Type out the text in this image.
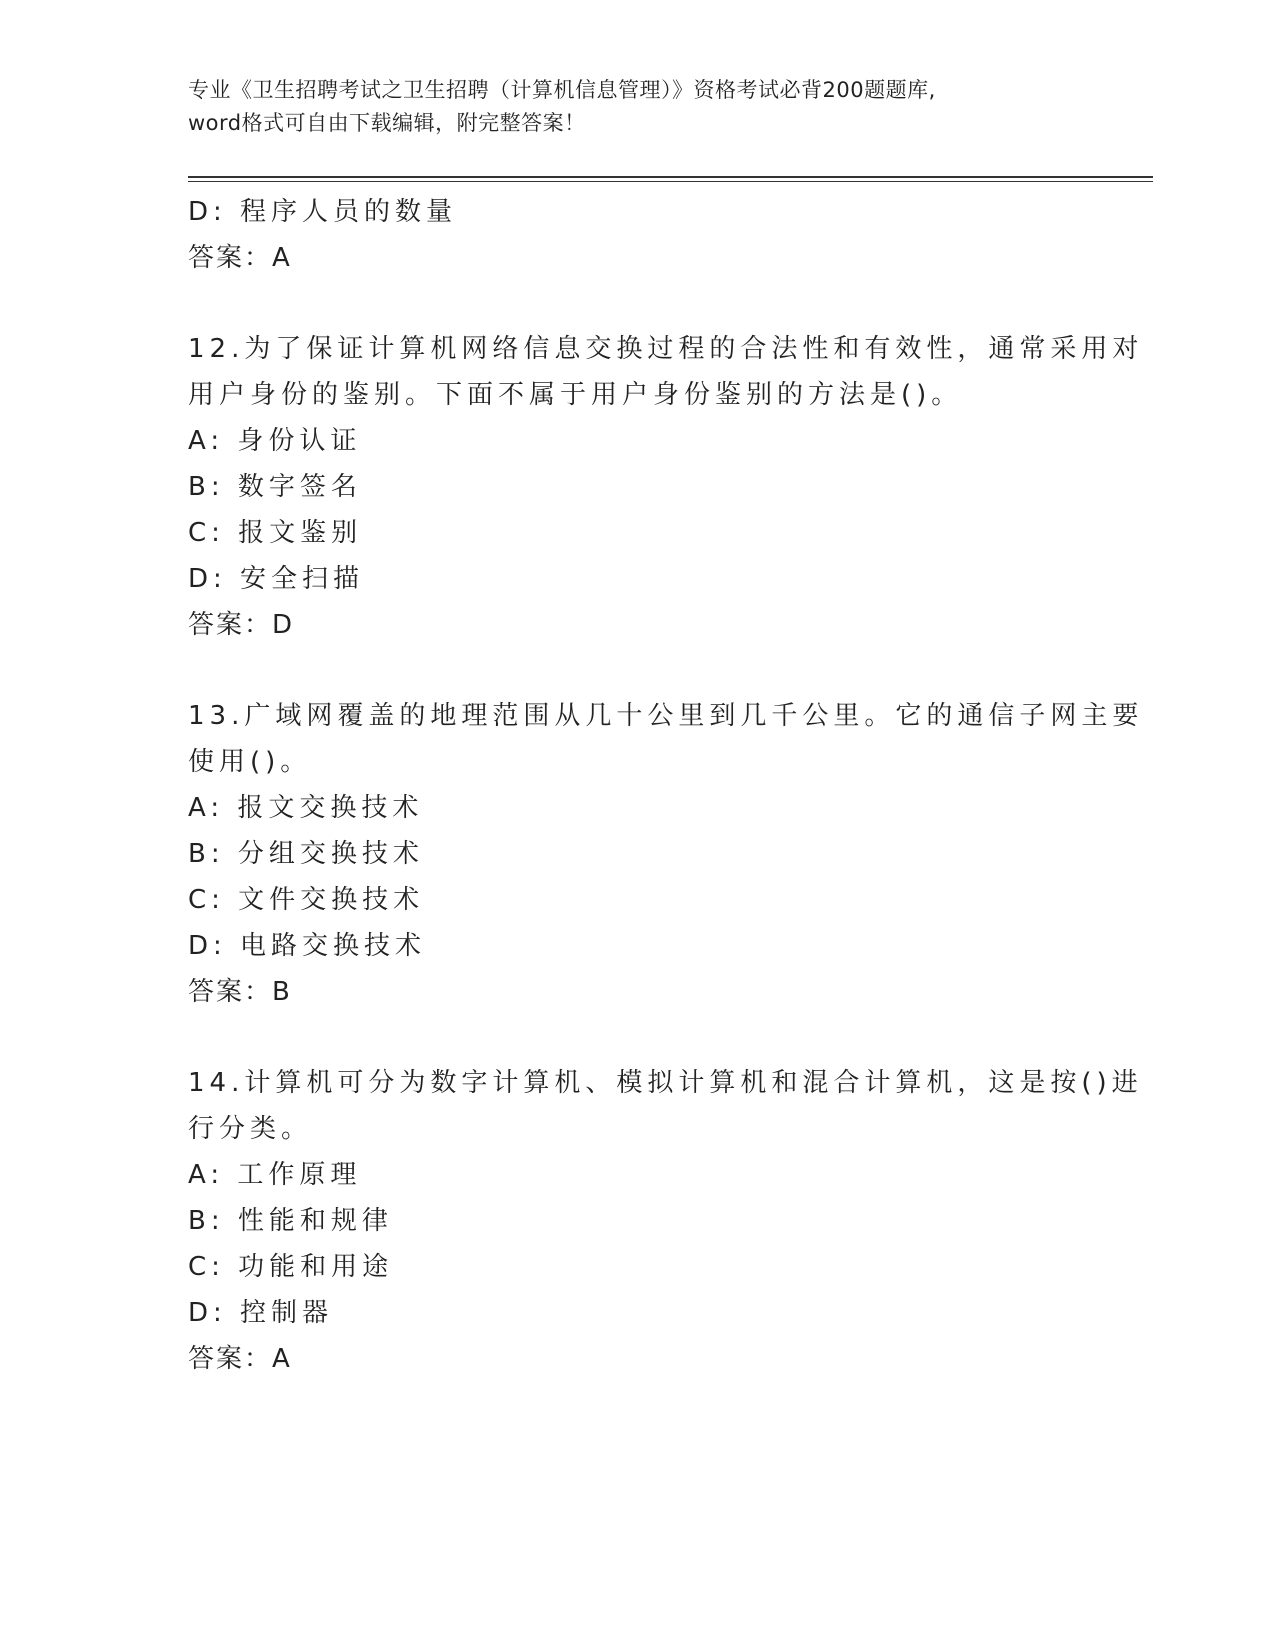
专业《卫生招聘考试之卫生招聘（计算机信息管理）》资格考试必背200题题库,
word格式可自由下载编辑，附完整答案！
D: 程序人员的数量
答案：A
12.为了保证计算机网络信息交换过程的合法性和有效性，通常采用对
用户身份的鉴别。下面不属于用户身份鉴别的方法是()。
A: 身份认证
B: 数字签名
C: 报文鉴别
D: 安全扫描
答案：D
13.广域网覆盖的地理范围从几十公里到几千公里。它的通信子网主要
使用()。
A: 报文交换技术
B: 分组交换技术
C: 文件交换技术
D: 电路交换技术
答案：B
14.计算机可分为数字计算机、模拟计算机和混合计算机，这是按()进
行分类。
A: 工作原理
B: 性能和规律
C: 功能和用途
D: 控制器
答案：A
